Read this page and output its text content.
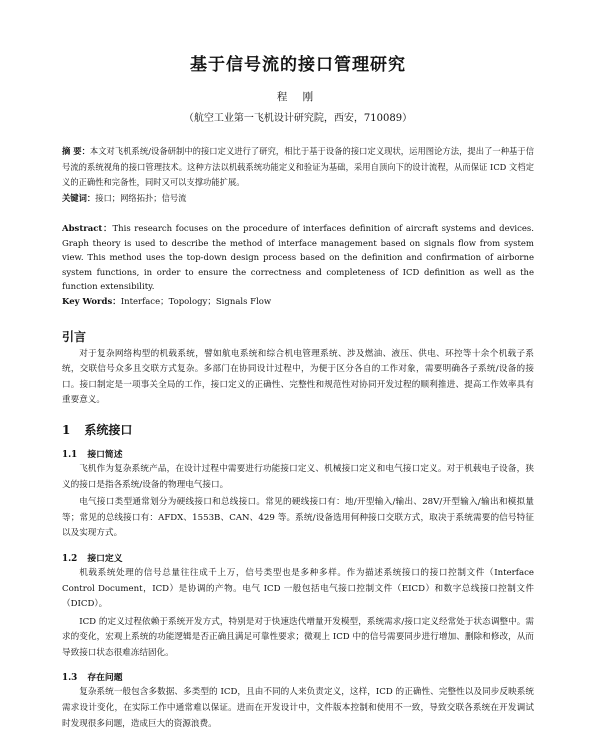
基于信号流的接口管理研究
程 刚
（航空工业第一飞机设计研究院，西安，710089）
摘 要：本文对飞机系统/设备研制中的接口定义进行了研究，相比于基于设备的接口定义现状，运用图论方法，提出了一种基于信号流的系统视角的接口管理技术。这种方法以机载系统功能定义和验证为基础，采用自顶向下的设计流程，从而保证 ICD 文档定义的正确性和完备性，同时又可以支撑功能扩展。
关键词：接口；网络拓扑；信号流
Abstract：This research focuses on the procedure of interfaces definition of aircraft systems and devices. Graph theory is used to describe the method of interface management based on signals flow from system view. This method uses the top-down design process based on the definition and confirmation of airborne system functions, in order to ensure the correctness and completeness of ICD definition as well as the function extensibility.
Key Words：Interface；Topology；Signals Flow
引言

对于复杂网络构型的机载系统，譬如航电系统和综合机电管理系统、涉及燃油、液压、供电、环控等十余个机载子系统，交联信号众多且交联方式复杂。多部门在协同设计过程中，为便于区分各自的工作对象，需要明确各子系统/设备的接口。接口制定是一项事关全局的工作，接口定义的正确性、完整性和规范性对协同开发过程的顺利推进、提高工作效率具有重要意义。

1 系统接口
1.1 接口简述

飞机作为复杂系统产品，在设计过程中需要进行功能接口定义、机械接口定义和电气接口定义。对于机载电子设备，狭义的接口是指各系统/设备的物理电气接口。

电气接口类型通常划分为硬线接口和总线接口。常见的硬线接口有：地/开型输入/输出、28V/开型输入/输出和模拟量等；常见的总线接口有：AFDX、1553B、CAN、429 等。系统/设备选用何种接口交联方式，取决于系统需要的信号特征以及实现方式。

1.2 接口定义

机载系统处理的信号总量往往成千上万，信号类型也是多种多样。作为描述系统接口的接口控制文件（Interface Control Document，ICD）是协调的产物。电气 ICD 一般包括电气接口控制文件（EICD）和数字总线接口控制文件（DICD）。

ICD 的定义过程依赖于系统开发方式，特别是对于快速迭代增量开发模型，系统需求/接口定义经常处于状态调整中。需求的变化，宏观上系统的功能逻辑是否正确且满足可靠性要求；微观上 ICD 中的信号需要同步进行增加、删除和修改，从而导致接口状态很难冻结固化。

1.3 存在问题

复杂系统一般包含多数据、多类型的 ICD，且由不同的人来负责定义，这样，ICD 的正确性、完整性以及同步反映系统需求设计变化，在实际工作中通常难以保证。进而在开发设计中，文件版本控制和使用不一致，导致交联各系统在开发调试时发现很多问题，造成巨大的资源浪费。
